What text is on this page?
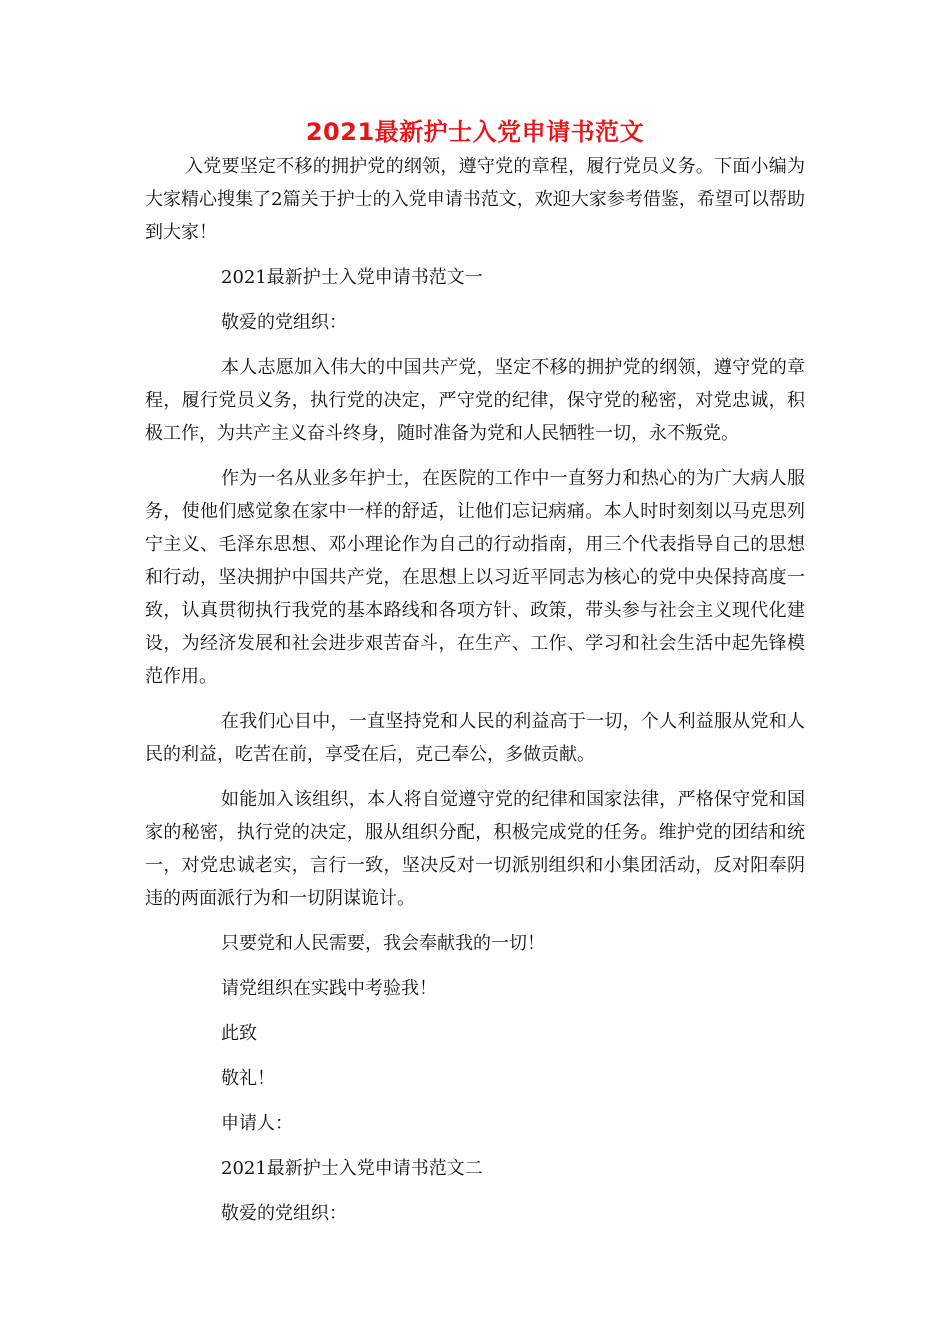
2021最新护士入党申请书范文

入党要坚定不移的拥护党的纲领，遵守党的章程，履行党员义务。下面小编为大家精心搜集了2篇关于护士的入党申请书范文，欢迎大家参考借鉴，希望可以帮助到大家！

2021最新护士入党申请书范文一

敬爱的党组织：

本人志愿加入伟大的中国共产党，坚定不移的拥护党的纲领，遵守党的章程，履行党员义务，执行党的决定，严守党的纪律，保守党的秘密，对党忠诚，积极工作，为共产主义奋斗终身，随时准备为党和人民牺牲一切，永不叛党。

作为一名从业多年护士，在医院的工作中一直努力和热心的为广大病人服务，使他们感觉象在家中一样的舒适，让他们忘记病痛。本人时时刻刻以马克思列宁主义、毛泽东思想、邓小理论作为自己的行动指南，用三个代表指导自己的思想和行动，坚决拥护中国共产党，在思想上以习近平同志为核心的党中央保持高度一致，认真贯彻执行我党的基本路线和各项方针、政策，带头参与社会主义现代化建设，为经济发展和社会进步艰苦奋斗，在生产、工作、学习和社会生活中起先锋模范作用。

在我们心目中，一直坚持党和人民的利益高于一切，个人利益服从党和人民的利益，吃苦在前，享受在后，克己奉公，多做贡献。

如能加入该组织，本人将自觉遵守党的纪律和国家法律，严格保守党和国家的秘密，执行党的决定，服从组织分配，积极完成党的任务。维护党的团结和统一，对党忠诚老实，言行一致，坚决反对一切派别组织和小集团活动，反对阳奉阴违的两面派行为和一切阴谋诡计。

只要党和人民需要，我会奉献我的一切！

请党组织在实践中考验我！

此致

敬礼！

申请人：

2021最新护士入党申请书范文二

敬爱的党组织：
